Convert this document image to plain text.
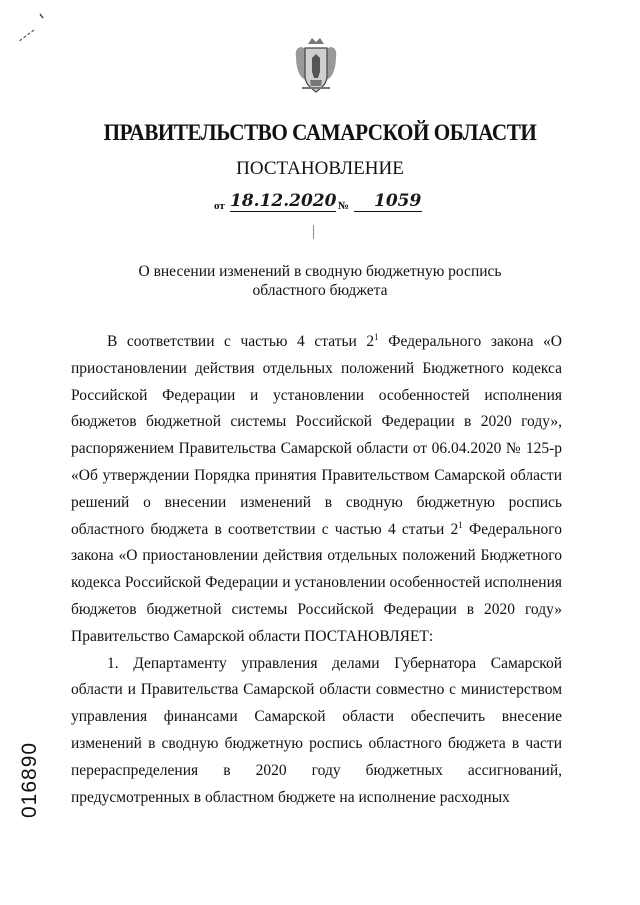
ПРАВИТЕЛЬСТВО САМАРСКОЙ ОБЛАСТИ
ПОСТАНОВЛЕНИЕ
от 18.12.2020 №	1059
О внесении изменений в сводную бюджетную роспись
областного бюджета

В соответствии с частью 4 статьи $2^1$ Федерального закона «О приостановлении действия отдельных положений Бюджетного кодекса Российской Федерации и установлении особенностей исполнения бюджетов бюджетной системы Российской Федерации в 2020 году», распоряжением Правительства Самарской области от 06.04.2020 № 125-р «Об утверждении Порядка принятия Правительством Самарской области решений о внесении изменений в сводную бюджетную роспись областного бюджета в соответствии с частью 4 статьи $2^1$ Федерального закона «О приостановлении действия отдельных положений Бюджетного кодекса Российской Федерации и установлении особенностей исполнения бюджетов бюджетной системы Российской Федерации в 2020 году» Правительство Самарской области ПОСТАНОВЛЯЕТ:

1. Департаменту управления делами Губернатора Самарской области и Правительства Самарской области совместно с министерством управления финансами Самарской области обеспечить внесение изменений в сводную бюджетную роспись областного бюджета в части перераспределения в 2020 году бюджетных ассигнований, предусмотренных в областном бюджете на исполнение расходных

016890
